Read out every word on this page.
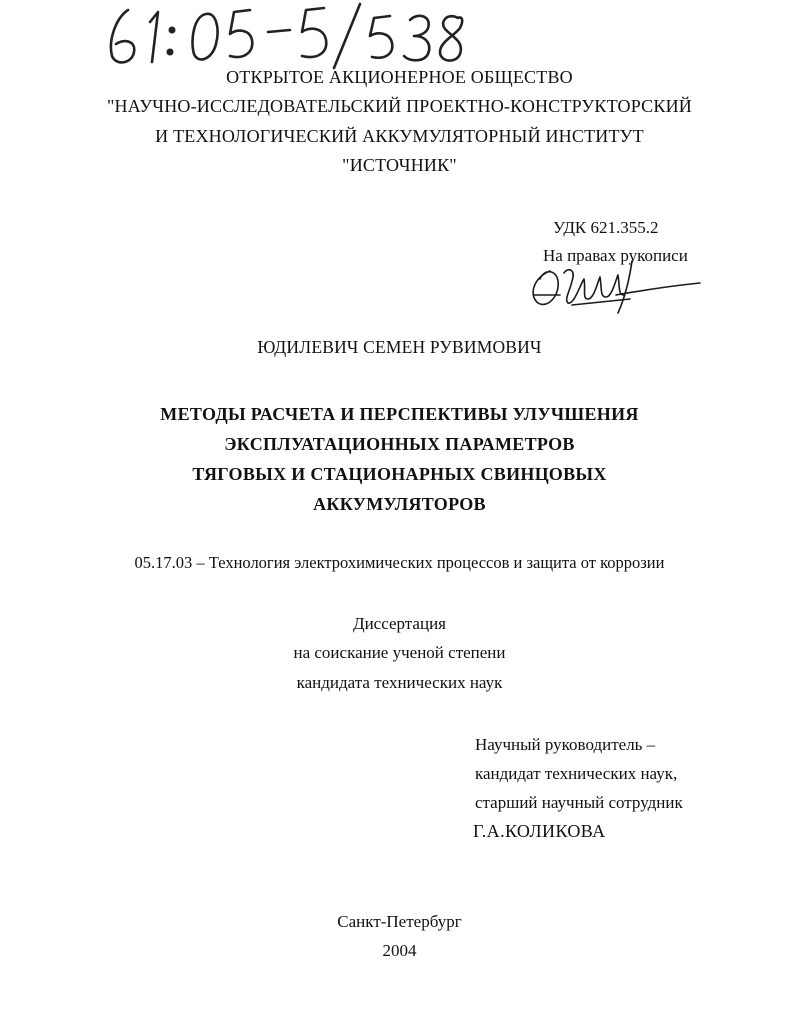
ОТКРЫТОЕ АКЦИОНЕРНОЕ ОБЩЕСТВО
"НАУЧНО-ИССЛЕДОВАТЕЛЬСКИЙ ПРОЕКТНО-КОНСТРУКТОРСКИЙ
И ТЕХНОЛОГИЧЕСКИЙ АККУМУЛЯТОРНЫЙ ИНСТИТУТ
"ИСТОЧНИК"
УДК 621.355.2
На правах рукописи
ЮДИЛЕВИЧ СЕМЕН РУВИМОВИЧ
МЕТОДЫ РАСЧЕТА И ПЕРСПЕКТИВЫ УЛУЧШЕНИЯ
ЭКСПЛУАТАЦИОННЫХ ПАРАМЕТРОВ
ТЯГОВЫХ И СТАЦИОНАРНЫХ СВИНЦОВЫХ
АККУМУЛЯТОРОВ
05.17.03 – Технология электрохимических процессов и защита от коррозии
Диссертация
на соискание ученой степени
кандидата технических наук
Научный руководитель –
кандидат технических наук,
старший научный сотрудник
Г.А.КОЛИКОВА
Санкт-Петербург
2004
